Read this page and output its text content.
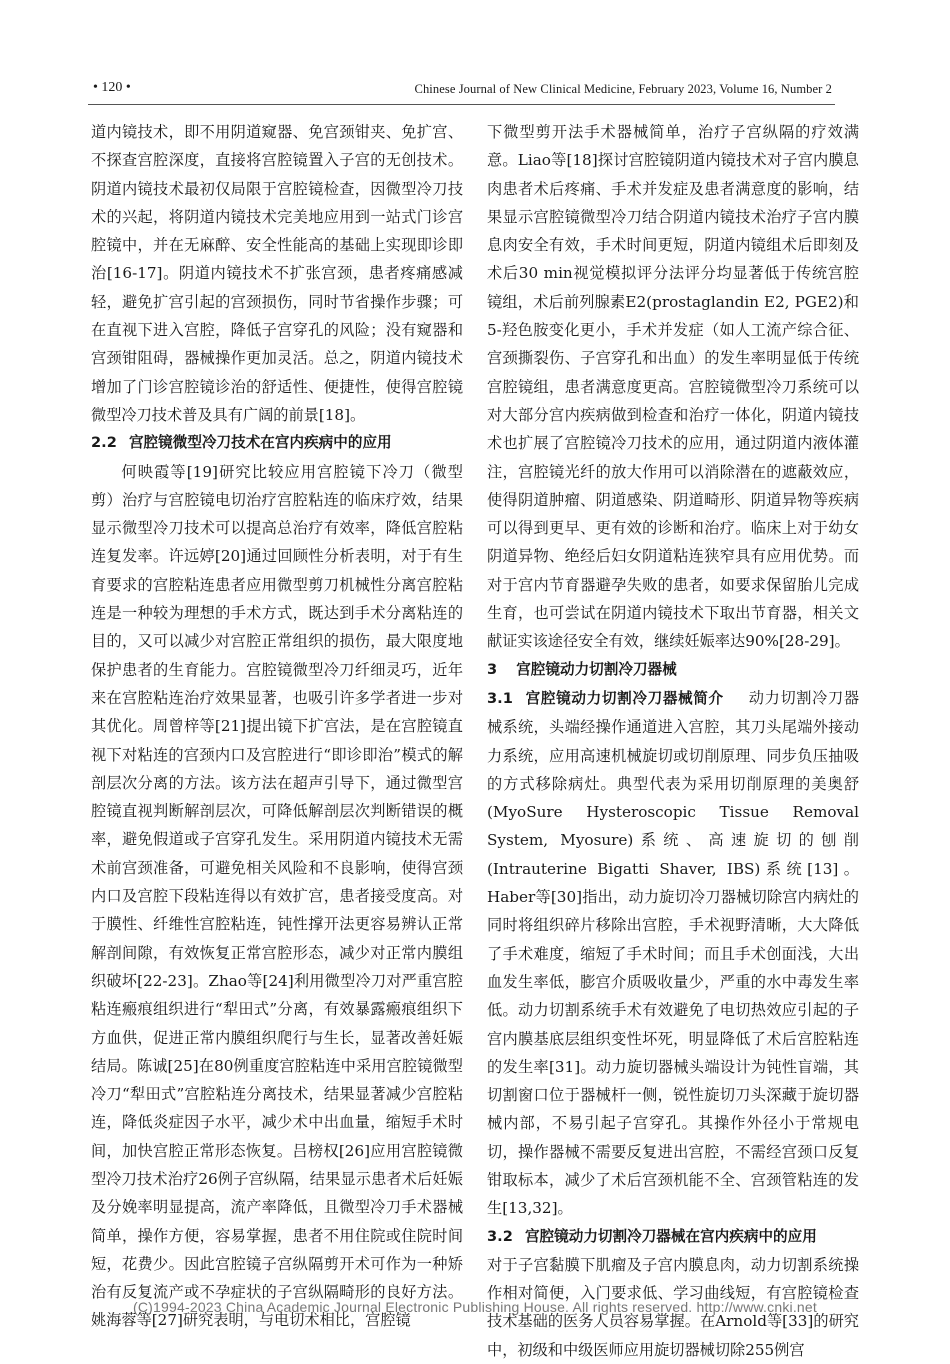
• 120 •	Chinese Journal of New Clinical Medicine, February 2023, Volume 16, Number 2

道内镜技术，即不用阴道窥器、免宫颈钳夹、免扩宫、不探查宫腔深度，直接将宫腔镜置入子宫的无创技术。阴道内镜技术最初仅局限于宫腔镜检查，因微型冷刀技术的兴起，将阴道内镜技术完美地应用到一站式门诊宫腔镜中，并在无麻醉、安全性能高的基础上实现即诊即治[16-17]。阴道内镜技术不扩张宫颈，患者疼痛感减轻，避免扩宫引起的宫颈损伤，同时节省操作步骤；可在直视下进入宫腔，降低子宫穿孔的风险；没有窥器和宫颈钳阻碍，器械操作更加灵活。总之，阴道内镜技术增加了门诊宫腔镜诊治的舒适性、便捷性，使得宫腔镜微型冷刀技术普及具有广阔的前景[18]。

2.2 宫腔镜微型冷刀技术在宫内疾病中的应用

何映霞等[19]研究比较应用宫腔镜下冷刀（微型剪）治疗与宫腔镜电切治疗宫腔粘连的临床疗效，结果显示微型冷刀技术可以提高总治疗有效率，降低宫腔粘连复发率。许远婷[20]通过回顾性分析表明，对于有生育要求的宫腔粘连患者应用微型剪刀机械性分离宫腔粘连是一种较为理想的手术方式，既达到手术分离粘连的目的，又可以减少对宫腔正常组织的损伤，最大限度地保护患者的生育能力。宫腔镜微型冷刀纤细灵巧，近年来在宫腔粘连治疗效果显著，也吸引许多学者进一步对其优化。周曾梓等[21]提出镜下扩宫法，是在宫腔镜直视下对粘连的宫颈内口及宫腔进行“即诊即治”模式的解剖层次分离的方法。该方法在超声引导下，通过微型宫腔镜直视判断解剖层次，可降低解剖层次判断错误的概率，避免假道或子宫穿孔发生。采用阴道内镜技术无需术前宫颈准备，可避免相关风险和不良影响，使得宫颈内口及宫腔下段粘连得以有效扩宫，患者接受度高。对于膜性、纤维性宫腔粘连，钝性撑开法更容易辨认正常解剖间隙，有效恢复正常宫腔形态，减少对正常内膜组织破坏[22-23]。Zhao等[24]利用微型冷刀对严重宫腔粘连瘢痕组织进行“犁田式”分离，有效暴露瘢痕组织下方血供，促进正常内膜组织爬行与生长，显著改善妊娠结局。陈诚[25]在80例重度宫腔粘连中采用宫腔镜微型冷刀“犁田式”宫腔粘连分离技术，结果显著减少宫腔粘连，降低炎症因子水平，减少术中出血量，缩短手术时间，加快宫腔正常形态恢复。吕榜权[26]应用宫腔镜微型冷刀技术治疗26例子宫纵隔，结果显示患者术后妊娠及分娩率明显提高，流产率降低，且微型冷刀手术器械简单，操作方便，容易掌握，患者不用住院或住院时间短，花费少。因此宫腔镜子宫纵隔剪开术可作为一种矫治有反复流产或不孕症状的子宫纵隔畸形的良好方法。姚海蓉等[27]研究表明，与电切术相比，宫腔镜

下微型剪开法手术器械简单，治疗子宫纵隔的疗效满意。Liao等[18]探讨宫腔镜阴道内镜技术对子宫内膜息肉患者术后疼痛、手术并发症及患者满意度的影响，结果显示宫腔镜微型冷刀结合阴道内镜技术治疗子宫内膜息肉安全有效，手术时间更短，阴道内镜组术后即刻及术后30 min视觉模拟评分法评分均显著低于传统宫腔镜组，术后前列腺素E2(prostaglandin E2, PGE2)和5-羟色胺变化更小，手术并发症（如人工流产综合征、宫颈撕裂伤、子宫穿孔和出血）的发生率明显低于传统宫腔镜组，患者满意度更高。宫腔镜微型冷刀系统可以对大部分宫内疾病做到检查和治疗一体化，阴道内镜技术也扩展了宫腔镜冷刀技术的应用，通过阴道内液体灌注，宫腔镜光纤的放大作用可以消除潜在的遮蔽效应，使得阴道肿瘤、阴道感染、阴道畸形、阴道异物等疾病可以得到更早、更有效的诊断和治疗。临床上对于幼女阴道异物、绝经后妇女阴道粘连狭窄具有应用优势。而对于宫内节育器避孕失败的患者，如要求保留胎儿完成生育，也可尝试在阴道内镜技术下取出节育器，相关文献证实该途径安全有效，继续妊娠率达90%[28-29]。

3 宫腔镜动力切割冷刀器械

3.1 宫腔镜动力切割冷刀器械简介 动力切割冷刀器械系统，头端经操作通道进入宫腔，其刀头尾端外接动力系统，应用高速机械旋切或切削原理、同步负压抽吸的方式移除病灶。典型代表为采用切削原理的美奥舒(MyoSure Hysteroscopic Tissue Removal System, Myosure)系统、高速旋切的刨削(Intrauterine Bigatti Shaver, IBS)系统[13]。Haber等[30]指出，动力旋切冷刀器械切除宫内病灶的同时将组织碎片移除出宫腔，手术视野清晰，大大降低了手术难度，缩短了手术时间；而且手术创面浅，大出血发生率低，膨宫介质吸收量少，严重的水中毒发生率低。动力切割系统手术有效避免了电切热效应引起的子宫内膜基底层组织变性坏死，明显降低了术后宫腔粘连的发生率[31]。动力旋切器械头端设计为钝性盲端，其切割窗口位于器械杆一侧，锐性旋切刀头深藏于旋切器械内部，不易引起子宫穿孔。其操作外径小于常规电切，操作器械不需要反复进出宫腔，不需经宫颈口反复钳取标本，减少了术后宫颈机能不全、宫颈管粘连的发生[13,32]。

3.2 宫腔镜动力切割冷刀器械在宫内疾病中的应用

对于子宫黏膜下肌瘤及子宫内膜息肉，动力切割系统操作相对简便，入门要求低、学习曲线短，有宫腔镜检查技术基础的医务人员容易掌握。在Arnold等[33]的研究中，初级和中级医师应用旋切器械切除255例宫

(C)1994-2023 China Academic Journal Electronic Publishing House. All rights reserved. http://www.cnki.net
